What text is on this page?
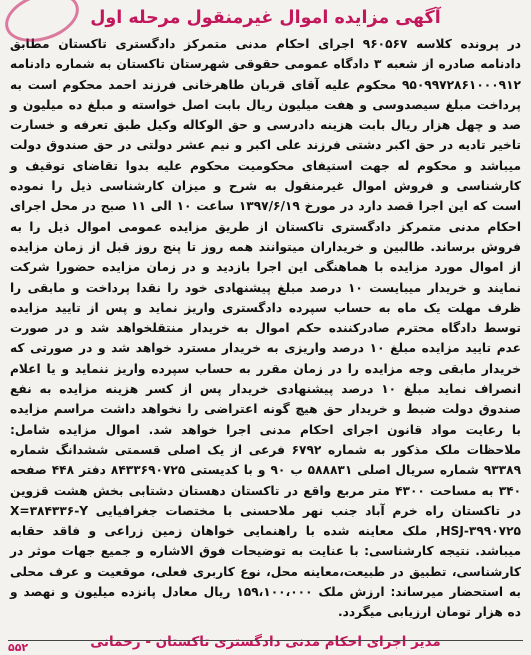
آگهی مزایده اموال غیرمنقول مرحله اول

در پرونده کلاسه ۹۶۰۵۶۷ اجرای احکام مدنی متمرکز دادگستری تاکستان مطابق دادنامه صادره از شعبه ۳ دادگاه عمومی حقوقی شهرستان تاکستان به شماره دادنامه ۹۵۰۹۹۷۲۸۶۱۰۰۰۹۱۲ محکوم علیه آقای قربان طاهرخانی فرزند احمد محکوم است به پرداخت مبلغ سیصدوسی و هفت میلیون ریال بابت اصل خواسته و مبلغ ده میلیون و صد و چهل هزار ریال بابت هزینه دادرسی و حق الوکاله وکیل طبق تعرفه و خسارت تاخیر تادیه در حق اکبر دشتی فرزند علی اکبر و نیم عشر دولتی در حق صندوق دولت میباشد و محکوم له جهت استیفای محکومیت محکوم علیه بدوا تقاضای توقیف و کارشناسی و فروش اموال غیرمنقول به شرح و میزان کارشناسی ذیل را نموده است که این اجرا قصد دارد در مورخ ۱۳۹۷/۶/۱۹ ساعت ۱۰ الی ۱۱ صبح در محل اجرای احکام مدنی متمرکز دادگستری تاکستان از طریق مزایده عمومی اموال ذیل را به فروش برساند. طالبین و خریداران میتوانند همه روز تا پنج روز قبل از زمان مزایده از اموال مورد مزایده با هماهنگی این اجرا بازدید و در زمان مزایده حضورا شرکت نمایند و خریدار میبایست ۱۰ درصد مبلغ پیشنهادی خود را نقدا پرداخت و مابقی را ظرف مهلت یک ماه به حساب سپرده دادگستری واریز نماید و پس از تایید مزایده توسط دادگاه محترم صادرکننده حکم اموال به خریدار منتقلخواهد شد و در صورت عدم تایید مزایده مبلغ ۱۰ درصد واریزی به خریدار مسترد خواهد شد و در صورتی که خریدار مابقی وجه مزایده را در زمان مقرر به حساب سپرده واریز ننماید و یا اعلام انصراف نماید مبلغ ۱۰ درصد پیشنهادی خریدار پس از کسر هزینه مزایده به نفع صندوق دولت ضبط و خریدار حق هیچ گونه اعتراضی را نخواهد داشت مراسم مزایده با رعایت مواد قانون اجرای احکام مدنی اجرا خواهد شد. اموال مزایده شامل: ملاحظات ملک مذکور به شماره ۶۷۹۲ فرعی از یک اصلی قسمتی ششدانگ شماره ۹۳۳۸۹ شماره سریال اصلی ۵۸۸۸۳۱ ب ۹۰ و با کدیستی ۸۴۳۳۶۹۰۷۲۵ دفتر ۴۴۸ صفحه ۳۴۰ به مساحت ۴۳۰۰ متر مربع واقع در تاکستان دهستان دشتابی بخش هشت قزوین در تاکستان راه خرم آباد جنب نهر ملاحسنی با مختصات جغرافیایی X=۳۸۴۳۳۶-Y ,HSJ-۳۹۹۰۷۲۵ ملک معاینه شده با راهنمایی خواهان زمین زراعی و فاقد حقابه میباشد. نتیجه کارشناسی: با عنایت به توضیحات فوق الاشاره و جمیع جهات موثر در کارشناسی، تطبیق در طبیعت،معاینه محل، نوع کاربری فعلی، موقعیت و عرف محلی به استحضار میرساند: ارزش ملک ۱۵۹،۱۰۰،۰۰۰ ریال معادل پانزده میلیون و نهصد و ده هزار تومان ارزیابی میگردد.

مدیر اجرای احکام مدنی دادگستری تاکستان - رحمانی
۵۵۲
